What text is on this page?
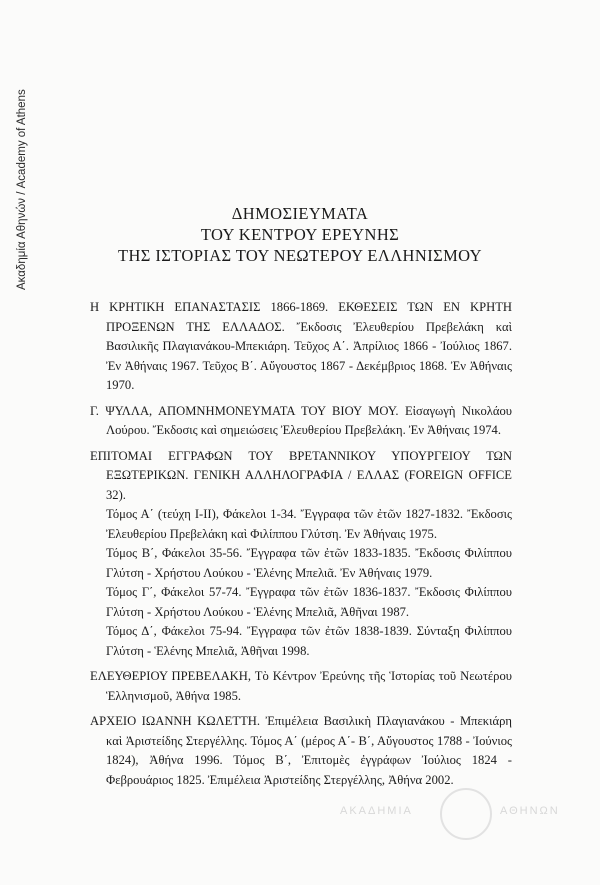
Ακαδημία Αθηνών / Academy of Athens	ΔΗΜΟΣΙΕΥΜΑΤΑ
ΤΟΥ ΚΕΝΤΡΟΥ ΕΡΕΥΝΗΣ
ΤΗΣ ΙΣΤΟΡΙΑΣ ΤΟΥ ΝΕΩΤΕΡΟΥ ΕΛΛΗΝΙΣΜΟΥ

Η ΚΡΗΤΙΚΗ ΕΠΑΝΑΣΤΑΣΙΣ 1866-1869. ΕΚΘΕΣΕΙΣ ΤΩΝ ΕΝ ΚΡΗΤΗ ΠΡΟΞΕΝΩΝ ΤΗΣ ΕΛΛΑΔΟΣ. Ἔκδοσις Ἐλευθερίου Πρεβελάκη καὶ Βασιλικῆς Πλαγιανάκου-Μπεκιάρη. Τεῦχος Α΄. Ἀπρίλιος 1866 - Ἰούλιος 1867. Ἐν Ἀθήναις 1967. Τεῦχος Β΄. Αὔγουστος 1867 - Δεκέμβριος 1868. Ἐν Ἀθήναις 1970.

Γ. ΨΥΛΛΑ, ΑΠΟΜΝΗΜΟΝΕΥΜΑΤΑ ΤΟΥ ΒΙΟΥ ΜΟΥ. Εἰσαγωγὴ Νικολάου Λούρου. Ἔκδοσις καὶ σημειώσεις Ἐλευθερίου Πρεβελάκη. Ἐν Ἀθήναις 1974.

ΕΠΙΤΟΜΑΙ ΕΓΓΡΑΦΩΝ ΤΟΥ ΒΡΕΤΑΝΝΙΚΟΥ ΥΠΟΥΡΓΕΙΟΥ ΤΩΝ ΕΞΩΤΕΡΙΚΩΝ. ΓΕΝΙΚΗ ΑΛΛΗΛΟΓΡΑΦΙΑ / ΕΛΛΑΣ (FOREIGN OFFICE 32).

Τόμος Α΄ (τεύχη Ι-ΙΙ), Φάκελοι 1-34. Ἔγγραφα τῶν ἐτῶν 1827-1832. Ἔκδοσις Ἐλευθερίου Πρεβελάκη καὶ Φιλίππου Γλύτση. Ἐν Ἀθήναις 1975.

Τόμος Β΄, Φάκελοι 35-56. Ἔγγραφα τῶν ἐτῶν 1833-1835. Ἔκδοσις Φιλίππου Γλύτση - Χρήστου Λούκου - Ἑλένης Μπελιᾶ. Ἐν Ἀθήναις 1979.

Τόμος Γ΄, Φάκελοι 57-74. Ἔγγραφα τῶν ἐτῶν 1836-1837. Ἔκδοσις Φιλίππου Γλύτση - Χρήστου Λούκου - Ἑλένης Μπελιᾶ, Ἀθῆναι 1987.

Τόμος Δ΄, Φάκελοι 75-94. Ἔγγραφα τῶν ἐτῶν 1838-1839. Σύνταξη Φιλίππου Γλύτση - Ἑλένης Μπελιᾶ, Ἀθῆναι 1998.

ΕΛΕΥΘΕΡΙΟΥ ΠΡΕΒΕΛΑΚΗ, Τὸ Κέντρον Ἐρεύνης τῆς Ἱστορίας τοῦ Νεωτέρου Ἑλληνισμοῦ, Ἀθήνα 1985.

ΑΡΧΕΙΟ ΙΩΑΝΝΗ ΚΩΛΕΤΤΗ. Ἐπιμέλεια Βασιλικὴ Πλαγιανάκου - Μπεκιάρη καὶ Ἀριστείδης Στεργέλλης. Τόμος Α΄ (μέρος Α΄- Β΄, Αὔγουστος 1788 - Ἰούνιος 1824), Ἀθήνα 1996. Τόμος Β΄, Ἐπιτομὲς ἐγγράφων Ἰούλιος 1824 - Φεβρουάριος 1825. Ἐπιμέλεια Ἀριστείδης Στεργέλλης, Ἀθήνα 2002.

ΑΚΑΔΗΜΙΑ	ΑΘΗΝΩΝ
